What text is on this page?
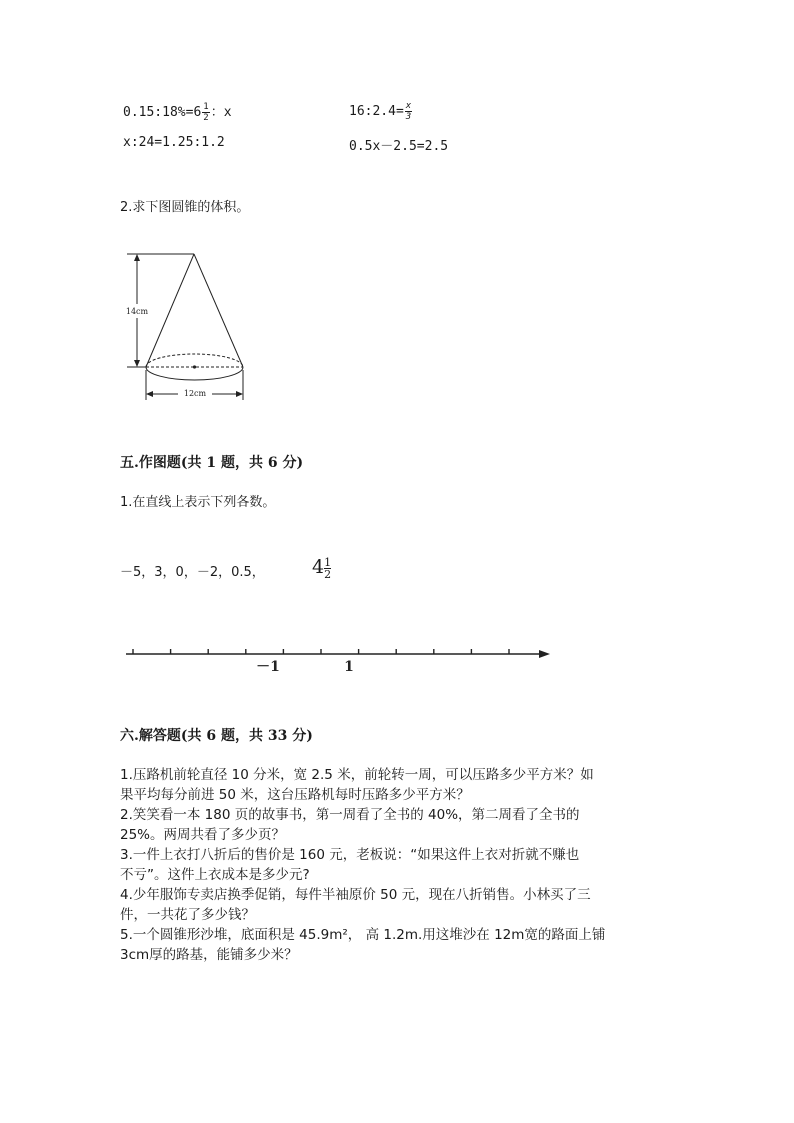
0.15:18%=6 $\frac{1}{2}$ ：x	16:2.4= $\frac{x}{3}$
x:24=1.25:1.2	0.5x－2.5=2.5
2.求下图圆锥的体积。
14cm
12cm
五.作图题(共 1 题，共 6 分)
1.在直线上表示下列各数。
－5，3，0，－2，0.5， $4 \frac{1}{2}$
－1	1
六.解答题(共 6 题，共 33 分)
1.压路机前轮直径 10 分米，宽 2.5 米，前轮转一周，可以压路多少平方米？如
果平均每分前进 50 米，这台压路机每时压路多少平方米？
2.笑笑看一本 180 页的故事书，第一周看了全书的 40%，第二周看了全书的
25%。两周共看了多少页？
3.一件上衣打八折后的售价是 160 元，老板说：“如果这件上衣对折就不赚也
不亏”。这件上衣成本是多少元?
4.少年服饰专卖店换季促销，每件半袖原价 50 元，现在八折销售。小林买了三
件，一共花了多少钱？
5.一个圆锥形沙堆，底面积是 45.9m²， 高 1.2m.用这堆沙在 12m宽的路面上铺
3cm厚的路基，能铺多少米？
